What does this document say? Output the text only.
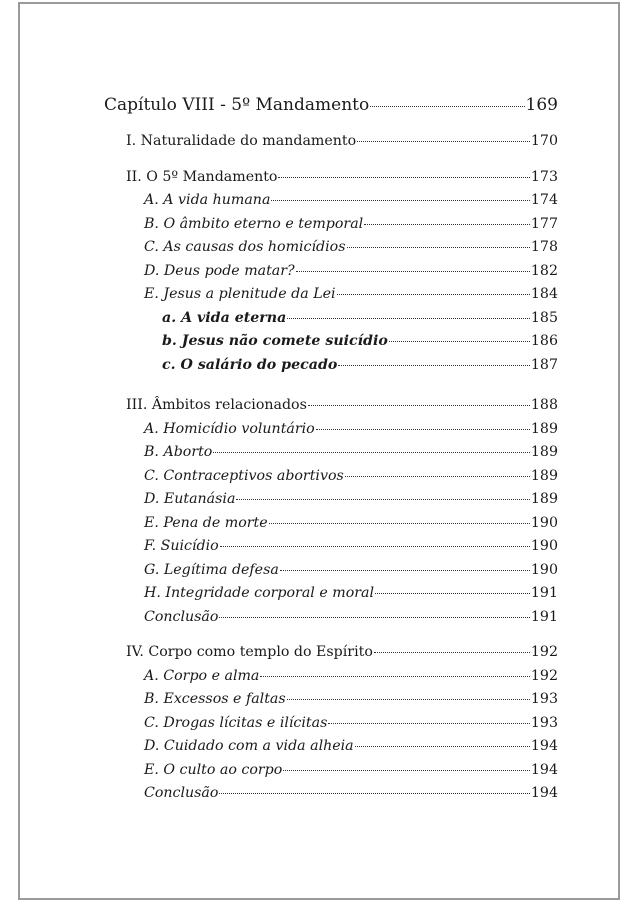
Capítulo VIII - 5º Mandamento	169
I. Naturalidade do mandamento	170
II. O 5º Mandamento	173
A. A vida humana	174
B. O âmbito eterno e temporal	177
C. As causas dos homicídios	178
D. Deus pode matar?	182
E. Jesus a plenitude da Lei	184
a. A vida eterna	185
b. Jesus não comete suicídio	186
c. O salário do pecado	187
III. Âmbitos relacionados	188
A. Homicídio voluntário	189
B. Aborto	189
C. Contraceptivos abortivos	189
D. Eutanásia	189
E. Pena de morte	190
F. Suicídio	190
G. Legítima defesa	190
H. Integridade corporal e moral	191
Conclusão	191
IV. Corpo como templo do Espírito	192
A. Corpo e alma	192
B. Excessos e faltas	193
C. Drogas lícitas e ilícitas	193
D. Cuidado com a vida alheia	194
E. O culto ao corpo	194
Conclusão	194
